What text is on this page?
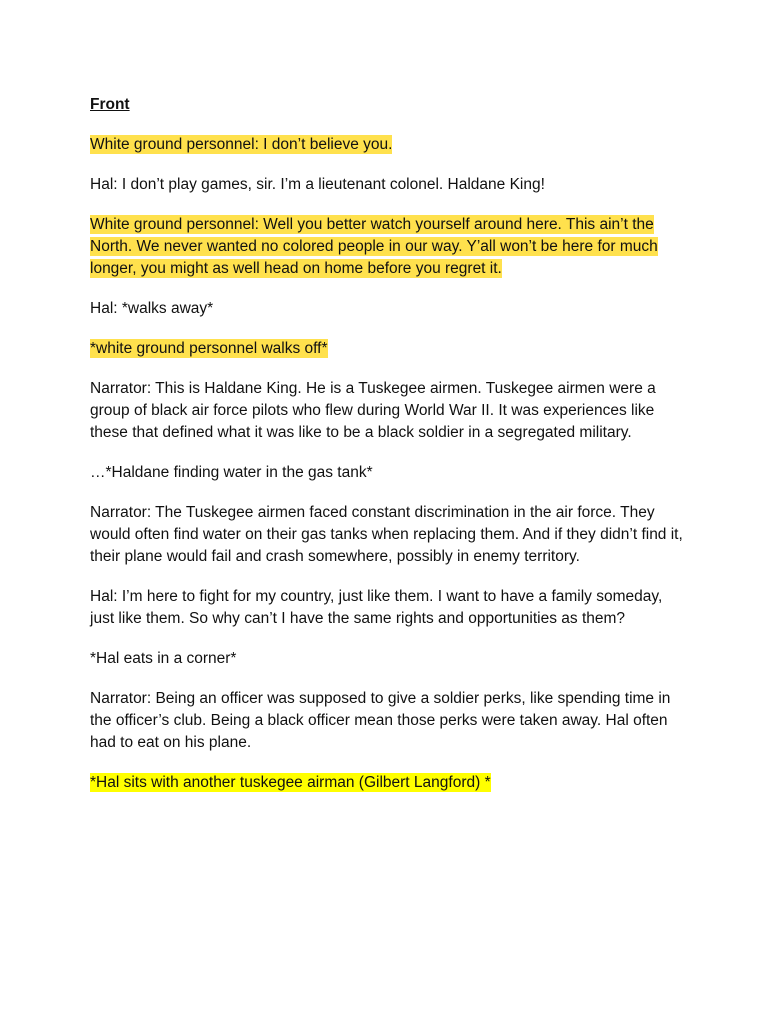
Front

White ground personnel: I don’t believe you.

Hal: I don’t play games, sir. I’m a lieutenant colonel. Haldane King!

White ground personnel: Well you better watch yourself around here. This ain’t the North. We never wanted no colored people in our way. Y’all won’t be here for much longer, you might as well head on home before you regret it.

Hal: *walks away*

*white ground personnel walks off*

Narrator: This is Haldane King. He is a Tuskegee airmen. Tuskegee airmen were a group of black air force pilots who flew during World War II. It was experiences like these that defined what it was like to be a black soldier in a segregated military.

…*Haldane finding water in the gas tank*

Narrator: The Tuskegee airmen faced constant discrimination in the air force. They would often find water on their gas tanks when replacing them. And if they didn’t find it, their plane would fail and crash somewhere, possibly in enemy territory.

Hal: I’m here to fight for my country, just like them. I want to have a family someday, just like them. So why can’t I have the same rights and opportunities as them?

*Hal eats in a corner*

Narrator: Being an officer was supposed to give a soldier perks, like spending time in the officer’s club. Being a black officer mean those perks were taken away. Hal often had to eat on his plane.

*Hal sits with another tuskegee airman (Gilbert Langford) *
